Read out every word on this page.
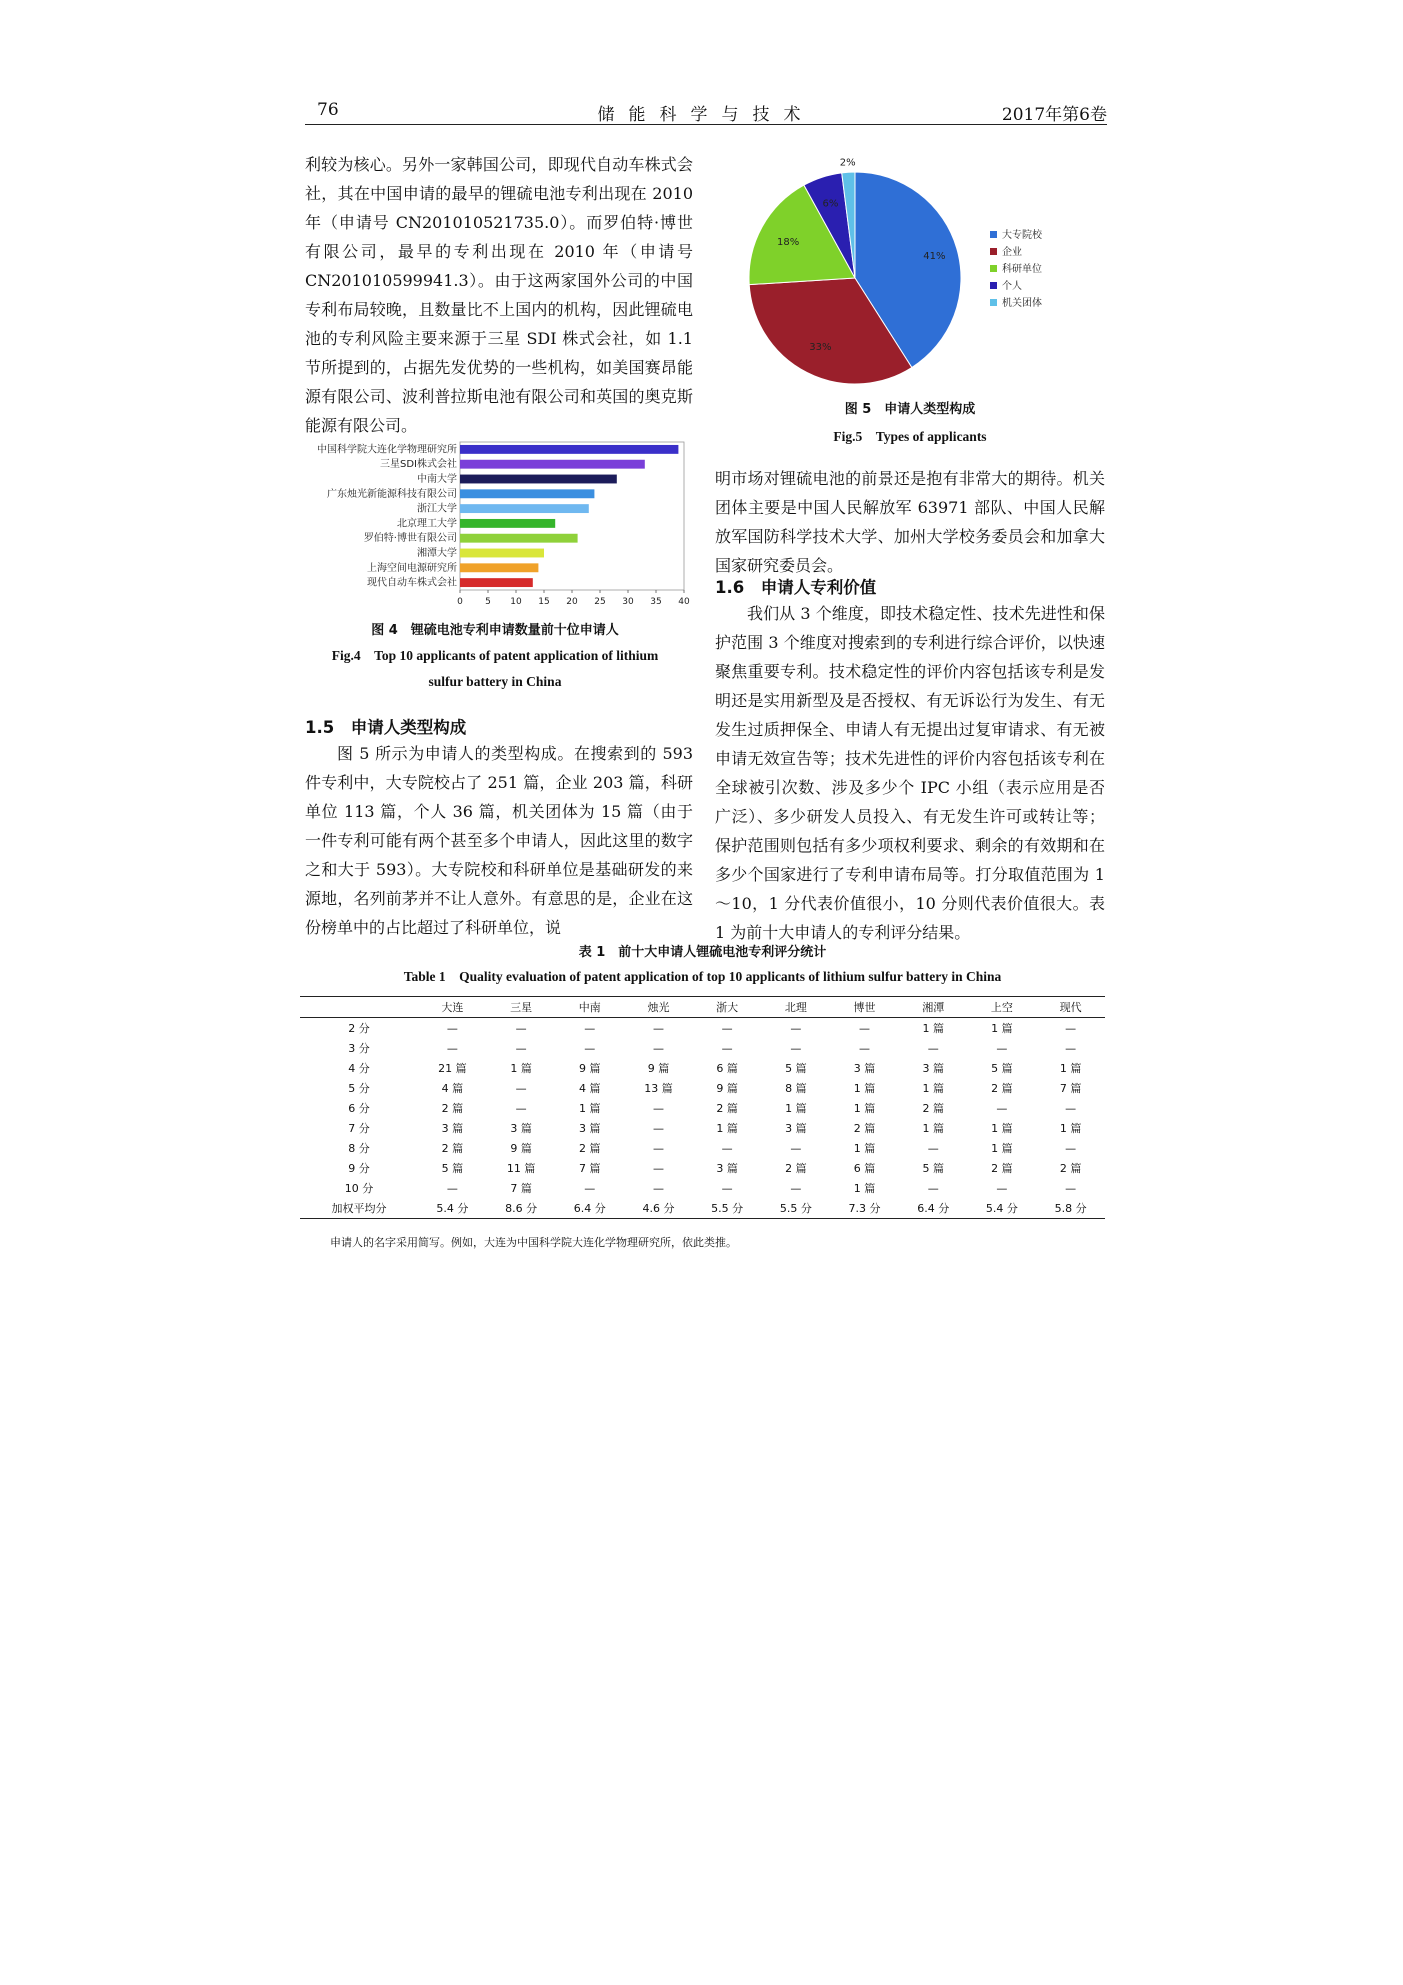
76	储能科学与技术	2017年第6卷

利较为核心。另外一家韩国公司，即现代自动车株式会社，其在中国申请的最早的锂硫电池专利出现在 2010 年（申请号 CN201010521735.0）。而罗伯特·博世有限公司，最早的专利出现在 2010 年（申请号 CN201010599941.3）。由于这两家国外公司的中国专利布局较晚，且数量比不上国内的机构，因此锂硫电池的专利风险主要来源于三星 SDI 株式会社，如 1.1 节所提到的，占据先发优势的一些机构，如美国赛昂能源有限公司、波利普拉斯电池有限公司和英国的奥克斯能源有限公司。

中国科学院大连化学物理研究所
三星SDI株式会社
中南大学
广东烛光新能源科技有限公司
浙江大学
北京理工大学
罗伯特·博世有限公司
湘潭大学
上海空间电源研究所
现代自动车株式会社
0 5 10 15 20 25 30 35 40
图 4　锂硫电池专利申请数量前十位申请人
Fig.4　Top 10 applicants of patent application of lithium
sulfur battery in China
1.5　申请人类型构成

图 5 所示为申请人的类型构成。在搜索到的 593 件专利中，大专院校占了 251 篇，企业 203 篇，科研单位 113 篇，个人 36 篇，机关团体为 15 篇（由于一件专利可能有两个甚至多个申请人，因此这里的数字之和大于 593）。大专院校和科研单位是基础研发的来源地，名列前茅并不让人意外。有意思的是，企业在这份榜单中的占比超过了科研单位，说

41%
33%
18%
6%
2%
大专院校
企业
科研单位
个人
机关团体
图 5　申请人类型构成
Fig.5　Types of applicants

明市场对锂硫电池的前景还是抱有非常大的期待。机关团体主要是中国人民解放军 63971 部队、中国人民解放军国防科学技术大学、加州大学校务委员会和加拿大国家研究委员会。

1.6　申请人专利价值

我们从 3 个维度，即技术稳定性、技术先进性和保护范围 3 个维度对搜索到的专利进行综合评价，以快速聚焦重要专利。技术稳定性的评价内容包括该专利是发明还是实用新型及是否授权、有无诉讼行为发生、有无发生过质押保全、申请人有无提出过复审请求、有无被申请无效宣告等；技术先进性的评价内容包括该专利在全球被引次数、涉及多少个 IPC 小组（表示应用是否广泛）、多少研发人员投入、有无发生许可或转让等；保护范围则包括有多少项权利要求、剩余的有效期和在多少个国家进行了专利申请布局等。打分取值范围为 1～10，1 分代表价值很小，10 分则代表价值很大。表 1 为前十大申请人的专利评分结果。

表 1　前十大申请人锂硫电池专利评分统计
Table 1　Quality evaluation of patent application of top 10 applicants of lithium sulfur battery in China
	大连	三星	中南	烛光	浙大	北理	博世	湘潭	上空	现代
2 分	—	—	—	—	—	—	—	1 篇	1 篇	—
3 分	—	—	—	—	—	—	—	—	—	—
4 分	21 篇	1 篇	9 篇	9 篇	6 篇	5 篇	3 篇	3 篇	5 篇	1 篇
5 分	4 篇	—	4 篇	13 篇	9 篇	8 篇	1 篇	1 篇	2 篇	7 篇
6 分	2 篇	—	1 篇	—	2 篇	1 篇	1 篇	2 篇	—	—
7 分	3 篇	3 篇	3 篇	—	1 篇	3 篇	2 篇	1 篇	1 篇	1 篇
8 分	2 篇	9 篇	2 篇	—	—	—	1 篇	—	1 篇	—
9 分	5 篇	11 篇	7 篇	—	3 篇	2 篇	6 篇	5 篇	2 篇	2 篇
10 分	—	7 篇	—	—	—	—	1 篇	—	—	—
加权平均分	5.4 分	8.6 分	6.4 分	4.6 分	5.5 分	5.5 分	7.3 分	6.4 分	5.4 分	5.8 分
申请人的名字采用简写。例如，大连为中国科学院大连化学物理研究所，依此类推。
